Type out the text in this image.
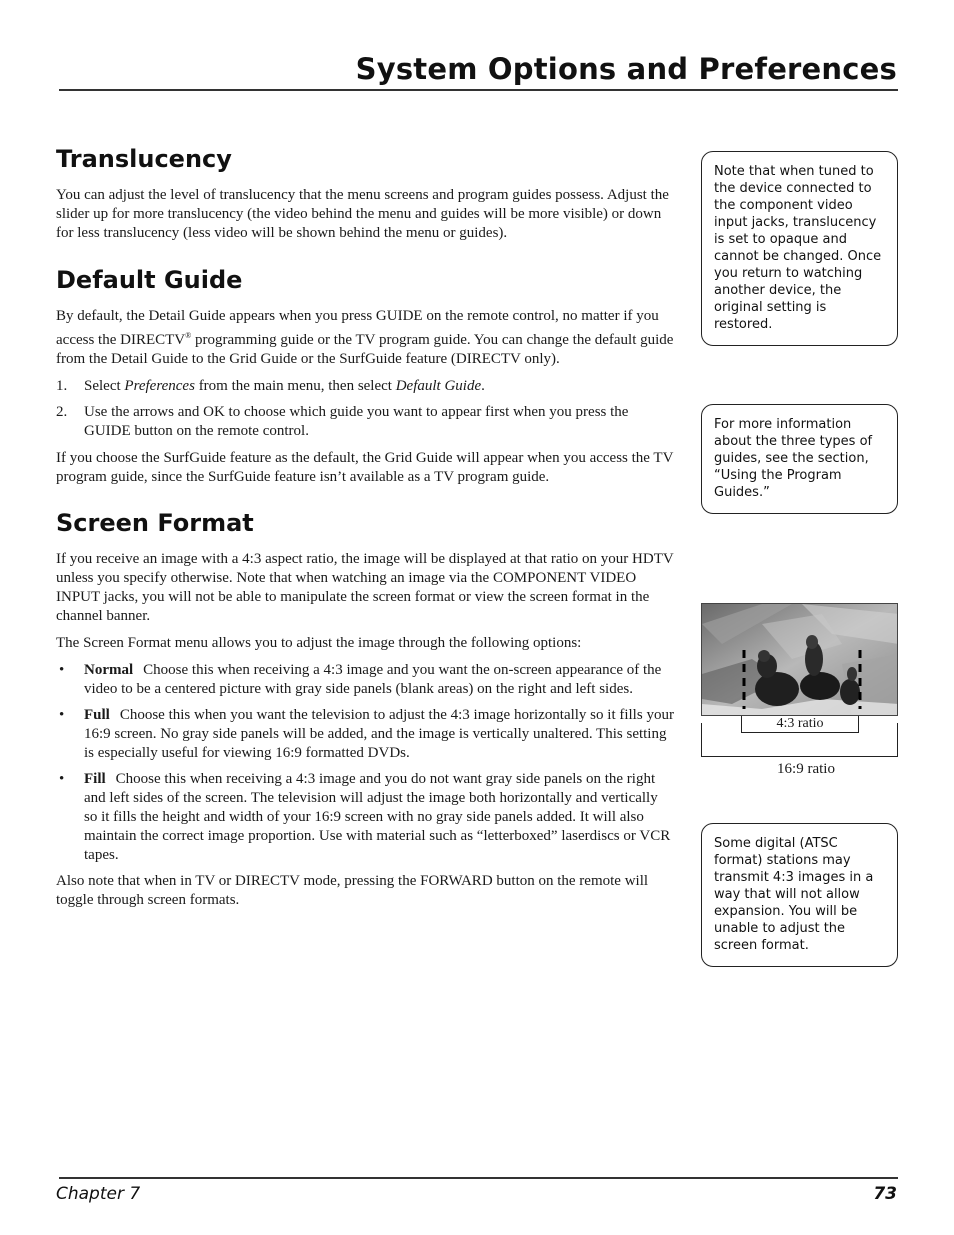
System Options and Preferences
Translucency

You can adjust the level of translucency that the menu screens and program guides possess. Adjust the slider up for more translucency (the video behind the menu and guides will be more visible) or down for less translucency (less video will be shown behind the menu or guides).

Default Guide

By default, the Detail Guide appears when you press GUIDE on the remote control, no matter if you access the DIRECTV® programming guide or the TV program guide. You can change the default guide from the Detail Guide to the Grid Guide or the SurfGuide feature (DIRECTV only).

1. Select Preferences from the main menu, then select Default Guide.
2. Use the arrows and OK to choose which guide you want to appear first when you press the GUIDE button on the remote control.

If you choose the SurfGuide feature as the default, the Grid Guide will appear when you access the TV program guide, since the SurfGuide feature isn’t available as a TV program guide.

Screen Format

If you receive an image with a 4:3 aspect ratio, the image will be displayed at that ratio on your HDTV unless you specify otherwise. Note that when watching an image via the COMPONENT VIDEO INPUT jacks, you will not be able to manipulate the screen format or view the screen format in the channel banner.

The Screen Format menu allows you to adjust the image through the following options:

• Normal Choose this when receiving a 4:3 image and you want the on-screen appearance of the video to be a centered picture with gray side panels (blank areas) on the right and left sides.
• Full Choose this when you want the television to adjust the 4:3 image horizontally so it fills your 16:9 screen. No gray side panels will be added, and the image is vertically unaltered. This setting is especially useful for viewing 16:9 formatted DVDs.
• Fill Choose this when receiving a 4:3 image and you do not want gray side panels on the right and left sides of the screen. The television will adjust the image both horizontally and vertically so it fills the height and width of your 16:9 screen with no gray side panels added. It will also maintain the correct image proportion. Use with material such as “letterboxed” laserdiscs or VCR tapes.

Also note that when in TV or DIRECTV mode, pressing the FORWARD button on the remote will toggle through screen formats.

Note that when tuned to the device connected to the component video input jacks, translucency is set to opaque and cannot be changed. Once you return to watching another device, the original setting is restored.
For more information about the three types of guides, see the section, “Using the Program Guides.”
4:3 ratio
16:9 ratio
Some digital (ATSC format) stations may transmit 4:3 images in a way that will not allow expansion. You will be unable to adjust the screen format.
Chapter 7	73
